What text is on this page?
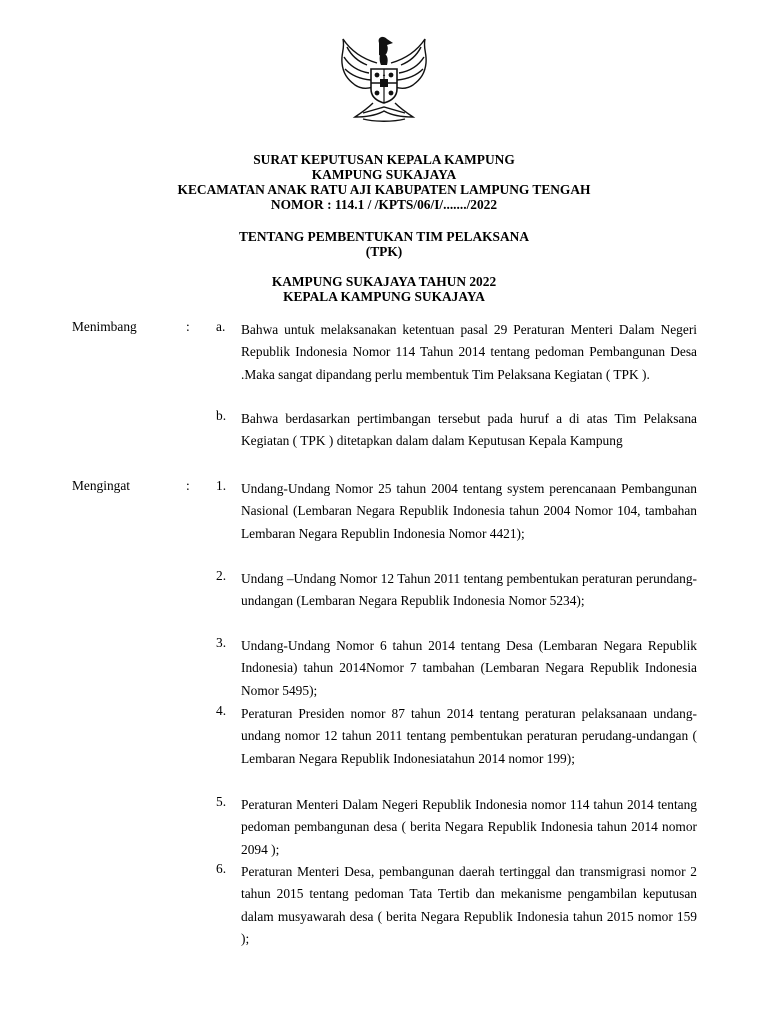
SURAT KEPUTUSAN KEPALA KAMPUNG
KAMPUNG SUKAJAYA
KECAMATAN ANAK RATU AJI KABUPATEN LAMPUNG TENGAH
NOMOR : 114.1 / /KPTS/06/I/......./2022
TENTANG PEMBENTUKAN TIM PELAKSANA
(TPK)
KAMPUNG SUKAJAYA TAHUN 2022
KEPALA KAMPUNG SUKAJAYA
Menimbang	: a.	Bahwa untuk melaksanakan ketentuan pasal 29 Peraturan Menteri Dalam Negeri Republik Indonesia Nomor 114 Tahun 2014 tentang pedoman Pembangunan Desa .Maka sangat dipandang perlu membentuk Tim Pelaksana Kegiatan ( TPK ).
b.	Bahwa berdasarkan pertimbangan tersebut pada huruf a di atas Tim Pelaksana Kegiatan ( TPK ) ditetapkan dalam dalam Keputusan Kepala Kampung
Mengingat	: 1.	Undang-Undang Nomor 25 tahun 2004 tentang system perencanaan Pembangunan Nasional (Lembaran Negara Republik Indonesia tahun 2004 Nomor 104, tambahan Lembaran Negara Republin Indonesia Nomor 4421);
2.	Undang –Undang Nomor 12 Tahun 2011 tentang pembentukan peraturan perundang-undangan (Lembaran Negara Republik Indonesia Nomor 5234);
3.	Undang-Undang Nomor 6 tahun 2014 tentang Desa (Lembaran Negara Republik Indonesia) tahun 2014Nomor 7 tambahan (Lembaran Negara Republik Indonesia Nomor 5495);
4.	Peraturan Presiden nomor 87 tahun 2014 tentang peraturan pelaksanaan undang-undang nomor 12 tahun 2011 tentang pembentukan peraturan perudang-undangan ( Lembaran Negara Republik Indonesiatahun 2014 nomor 199);
5.	Peraturan Menteri Dalam Negeri Republik Indonesia nomor 114 tahun 2014 tentang pedoman pembangunan desa ( berita Negara Republik Indonesia tahun 2014 nomor 2094 );
6.	Peraturan Menteri Desa, pembangunan daerah tertinggal dan transmigrasi nomor 2 tahun 2015 tentang pedoman Tata Tertib dan mekanisme pengambilan keputusan dalam musyawarah desa ( berita Negara Republik Indonesia tahun 2015 nomor 159 );
